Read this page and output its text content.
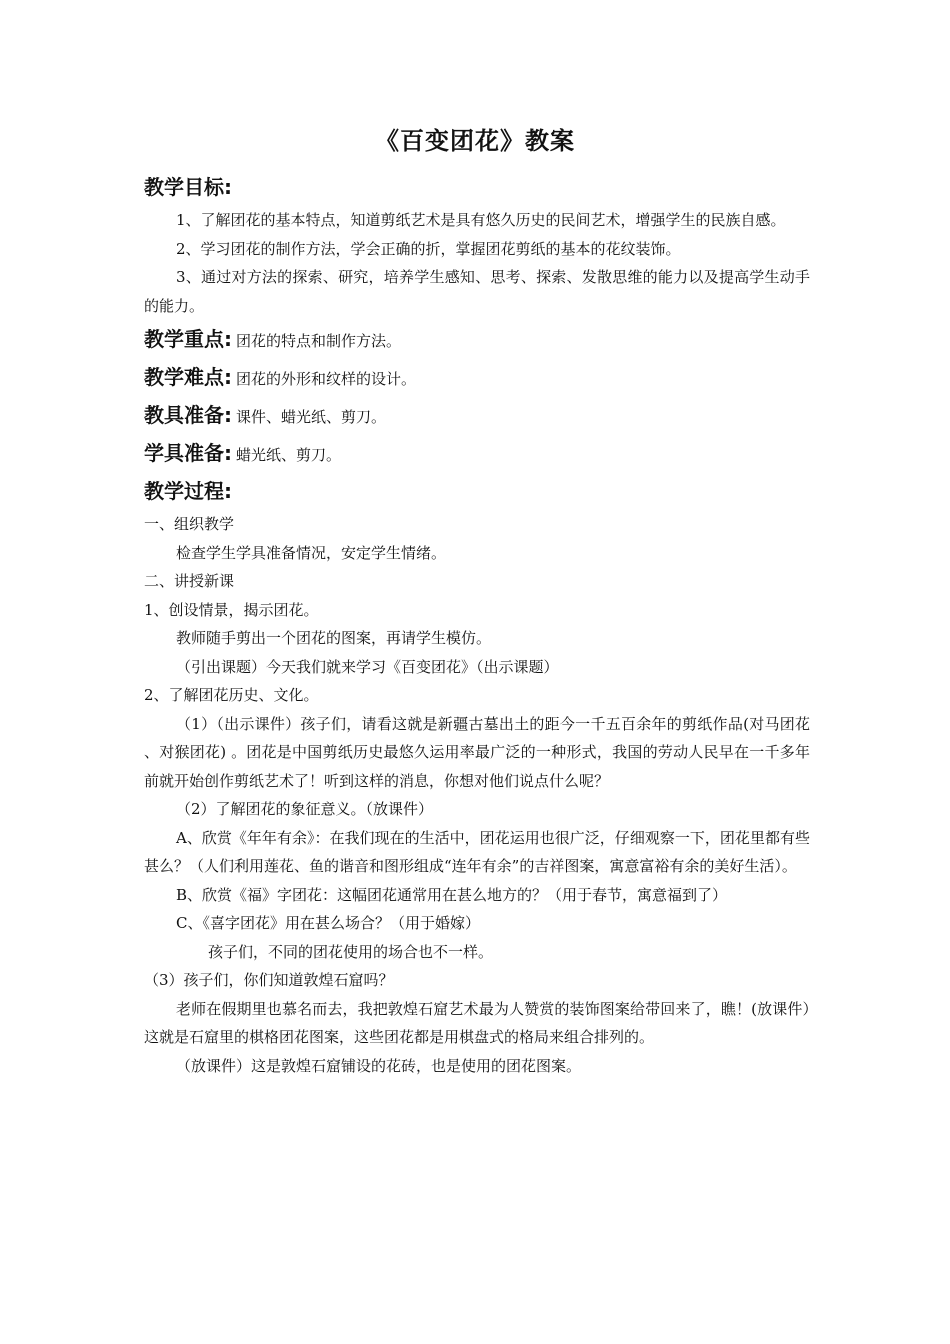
《百变团花》教案
教学目标:

1、了解团花的基本特点，知道剪纸艺术是具有悠久历史的民间艺术，增强学生的民族自感。

2、学习团花的制作方法，学会正确的折，掌握团花剪纸的基本的花纹装饰。

3、通过对方法的探索、研究，培养学生感知、思考、探索、发散思维的能力以及提高学生动手的能力。

教学重点: 团花的特点和制作方法。
教学难点: 团花的外形和纹样的设计。
教具准备: 课件、蜡光纸、剪刀。
学具准备: 蜡光纸、剪刀。
教学过程:

一、组织教学

检查学生学具准备情况，安定学生情绪。

二、讲授新课

1、创设情景，揭示团花。

教师随手剪出一个团花的图案，再请学生模仿。

（引出课题）今天我们就来学习《百变团花》（出示课题）

2、了解团花历史、文化。

（1）（出示课件）孩子们，请看这就是新疆古墓出土的距今一千五百余年的剪纸作品(对马团花 、对猴团花) 。团花是中国剪纸历史最悠久运用率最广泛的一种形式，我国的劳动人民早在一千多年前就开始创作剪纸艺术了！听到这样的消息，你想对他们说点什么呢？

（2）了解团花的象征意义。（放课件）

A、欣赏《年年有余》：在我们现在的生活中，团花运用也很广泛，仔细观察一下，团花里都有些甚么？（人们利用莲花、鱼的谐音和图形组成“连年有余”的吉祥图案，寓意富裕有余的美好生活）。

B、欣赏《福》字团花：这幅团花通常用在甚么地方的？（用于春节，寓意福到了）

C、《喜字团花》用在甚么场合？（用于婚嫁）

孩子们，不同的团花使用的场合也不一样。

（3）孩子们，你们知道敦煌石窟吗？

老师在假期里也慕名而去，我把敦煌石窟艺术最为人赞赏的装饰图案给带回来了，瞧！(放课件）这就是石窟里的棋格团花图案，这些团花都是用棋盘式的格局来组合排列的。

（放课件）这是敦煌石窟铺设的花砖，也是使用的团花图案。
